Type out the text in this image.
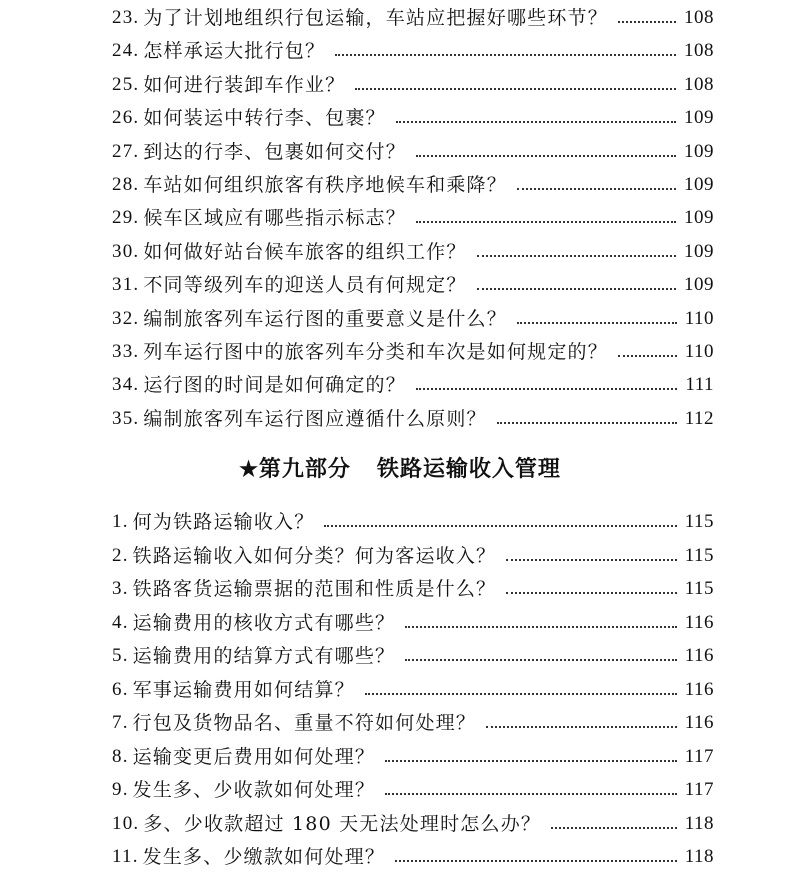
23. 为了计划地组织行包运输，车站应把握好哪些环节？	108
24. 怎样承运大批行包？	108
25. 如何进行装卸车作业？	108
26. 如何装运中转行李、包裹？	109
27. 到达的行李、包裹如何交付？	109
28. 车站如何组织旅客有秩序地候车和乘降？	109
29. 候车区域应有哪些指示标志？	109
30. 如何做好站台候车旅客的组织工作？	109
31. 不同等级列车的迎送人员有何规定？	109
32. 编制旅客列车运行图的重要意义是什么？	110
33. 列车运行图中的旅客列车分类和车次是如何规定的？	110
34. 运行图的时间是如何确定的？	111
35. 编制旅客列车运行图应遵循什么原则？	112
★第九部分 铁路运输收入管理
1. 何为铁路运输收入？	115
2. 铁路运输收入如何分类？何为客运收入？	115
3. 铁路客货运输票据的范围和性质是什么？	115
4. 运输费用的核收方式有哪些？	116
5. 运输费用的结算方式有哪些？	116
6. 军事运输费用如何结算？	116
7. 行包及货物品名、重量不符如何处理？	116
8. 运输变更后费用如何处理？	117
9. 发生多、少收款如何处理？	117
10. 多、少收款超过 180 天无法处理时怎么办？	118
11. 发生多、少缴款如何处理？	118
